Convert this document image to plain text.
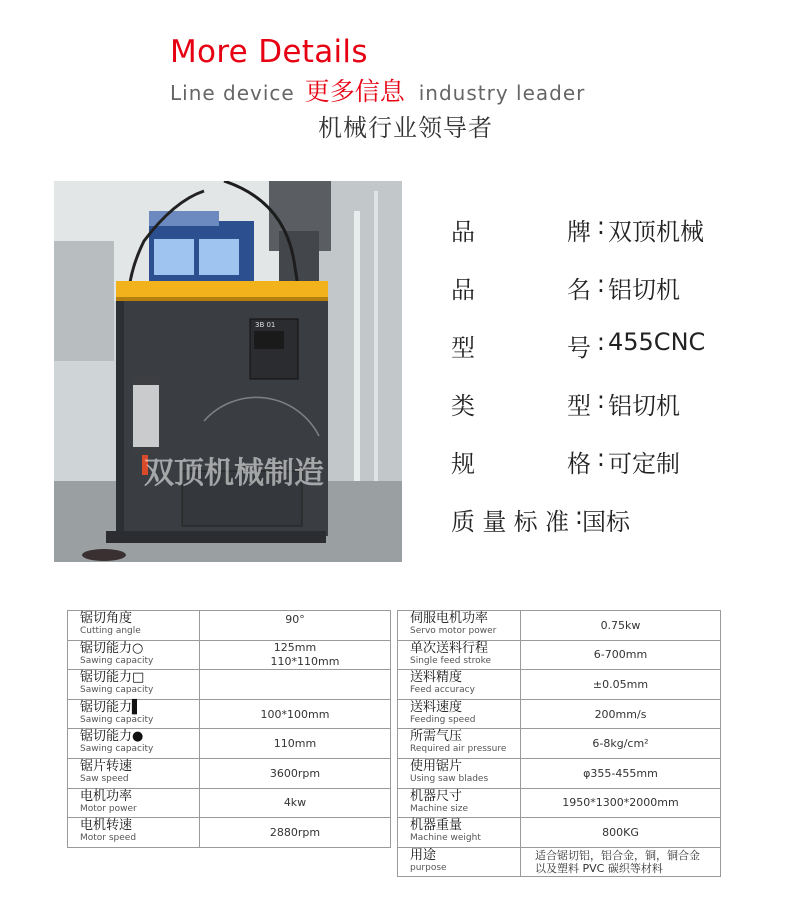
More Details
Line device 更多信息 industry leader
机械行业领导者
3B 01
双顶机械制造
品	牌 : 双顶机械
品	名 : 铝切机
型	号 : 455CNC
类	型 : 铝切机
规	格 : 可定制
质 量 标 准 : 国标
锯切角度
Cutting angle	90°

锯切能力○
Sawing capacity	125mm
110*110mm

锯切能力□
Sawing capacity	

锯切能力▌
Sawing capacity	100*100mm

锯切能力●
Sawing capacity	110mm

锯片转速
Saw speed	3600rpm

电机功率
Motor power	4kw

电机转速
Motor speed	2880rpm
伺服电机功率
Servo motor power	0.75kw

单次送料行程
Single feed stroke	6-700mm

送料精度
Feed accuracy	±0.05mm

送料速度
Feeding speed	200mm/s

所需气压
Required air pressure	6-8kg/cm²

使用锯片
Using saw blades	φ355-455mm

机器尺寸
Machine size	1950*1300*2000mm

机器重量
Machine weight	800KG

用途
purpose	适合锯切铝，铝合金，铜，铜合金
以及塑料 PVC 碳织等材料
